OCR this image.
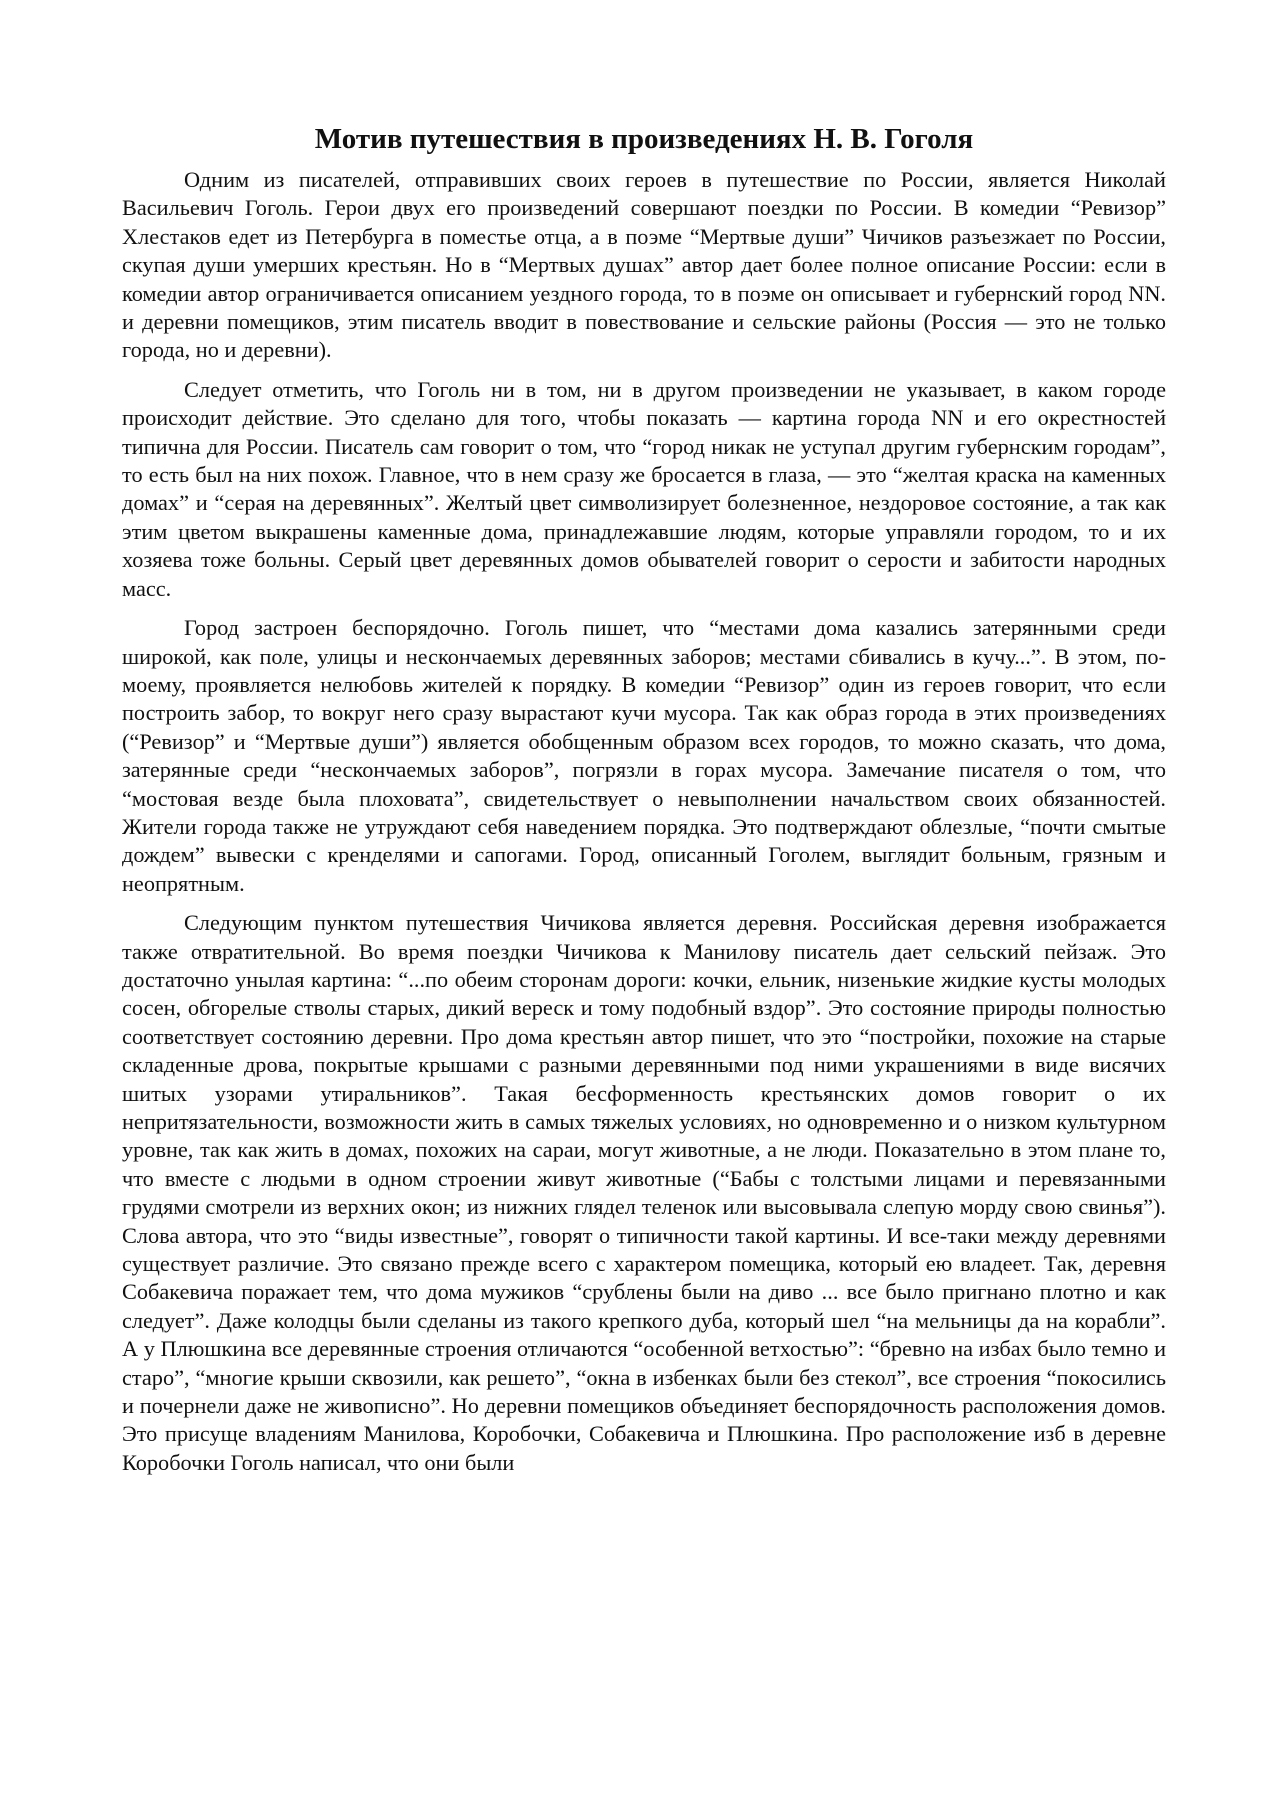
Мотив путешествия в произведениях Н. В. Гоголя

Одним из писателей, отправивших своих героев в путешествие по России, является Николай Васильевич Гоголь. Герои двух его произведений совершают поездки по России. В комедии “Ревизор” Хлестаков едет из Петербурга в поместье отца, а в поэме “Мертвые души” Чичиков разъезжает по России, скупая души умерших крестьян. Но в “Мертвых душах” автор дает более полное описание России: если в комедии автор ограничивается описанием уездного города, то в поэме он описывает и губернский город NN. и деревни помещиков, этим писатель вводит в повествование и сельские районы (Россия — это не только города, но и деревни).

Следует отметить, что Гоголь ни в том, ни в другом произведении не указывает, в каком городе происходит действие. Это сделано для того, чтобы показать — картина города NN и его окрестностей типична для России. Писатель сам говорит о том, что “город никак не уступал другим губернским городам”, то есть был на них похож. Главное, что в нем сразу же бросается в глаза, — это “желтая краска на каменных домах” и “серая на деревянных”. Желтый цвет символизирует болезненное, нездоровое состояние, а так как этим цветом выкрашены каменные дома, принадлежавшие людям, которые управляли городом, то и их хозяева тоже больны. Серый цвет деревянных домов обывателей говорит о серости и забитости народных масс.

Город застроен беспорядочно. Гоголь пишет, что “местами дома казались затерянными среди широкой, как поле, улицы и нескончаемых деревянных заборов; местами сбивались в кучу...”. В этом, по-моему, проявляется нелюбовь жителей к порядку. В комедии “Ревизор” один из героев говорит, что если построить забор, то вокруг него сразу вырастают кучи мусора. Так как образ города в этих произведениях (“Ревизор” и “Мертвые души”) является обобщенным образом всех городов, то можно сказать, что дома, затерянные среди “нескончаемых заборов”, погрязли в горах мусора. Замечание писателя о том, что “мостовая везде была плоховата”, свидетельствует о невыполнении начальством своих обязанностей. Жители города также не утруждают себя наведением порядка. Это подтверждают облезлые, “почти смытые дождем” вывески с кренделями и сапогами. Город, описанный Гоголем, выглядит больным, грязным и неопрятным.

Следующим пунктом путешествия Чичикова является деревня. Российская деревня изображается также отвратительной. Во время поездки Чичикова к Манилову писатель дает сельский пейзаж. Это достаточно унылая картина: “...по обеим сторонам дороги: кочки, ельник, низенькие жидкие кусты молодых сосен, обгорелые стволы старых, дикий вереск и тому подобный вздор”. Это состояние природы полностью соответствует состоянию деревни. Про дома крестьян автор пишет, что это “постройки, похожие на старые складенные дрова, покрытые крышами с разными деревянными под ними украшениями в виде висячих шитых узорами утиральников”. Такая бесформенность крестьянских домов говорит о их непритязательности, возможности жить в самых тяжелых условиях, но одновременно и о низком культурном уровне, так как жить в домах, похожих на сараи, могут животные, а не люди. Показательно в этом плане то, что вместе с людьми в одном строении живут животные (“Бабы с толстыми лицами и перевязанными грудями смотрели из верхних окон; из нижних глядел теленок или высовывала слепую морду свою свинья”). Слова автора, что это “виды известные”, говорят о типичности такой картины. И все-таки между деревнями существует различие. Это связано прежде всего с характером помещика, который ею владеет. Так, деревня Собакевича поражает тем, что дома мужиков “срублены были на диво ... все было пригнано плотно и как следует”. Даже колодцы были сделаны из такого крепкого дуба, который шел “на мельницы да на корабли”. А у Плюшкина все деревянные строения отличаются “особенной ветхостью”: “бревно на избах было темно и старо”, “многие крыши сквозили, как решето”, “окна в избенках были без стекол”, все строения “покосились и почернели даже не живописно”. Но деревни помещиков объединяет беспорядочность расположения домов. Это присуще владениям Манилова, Коробочки, Собакевича и Плюшкина. Про расположение изб в деревне Коробочки Гоголь написал, что они были
